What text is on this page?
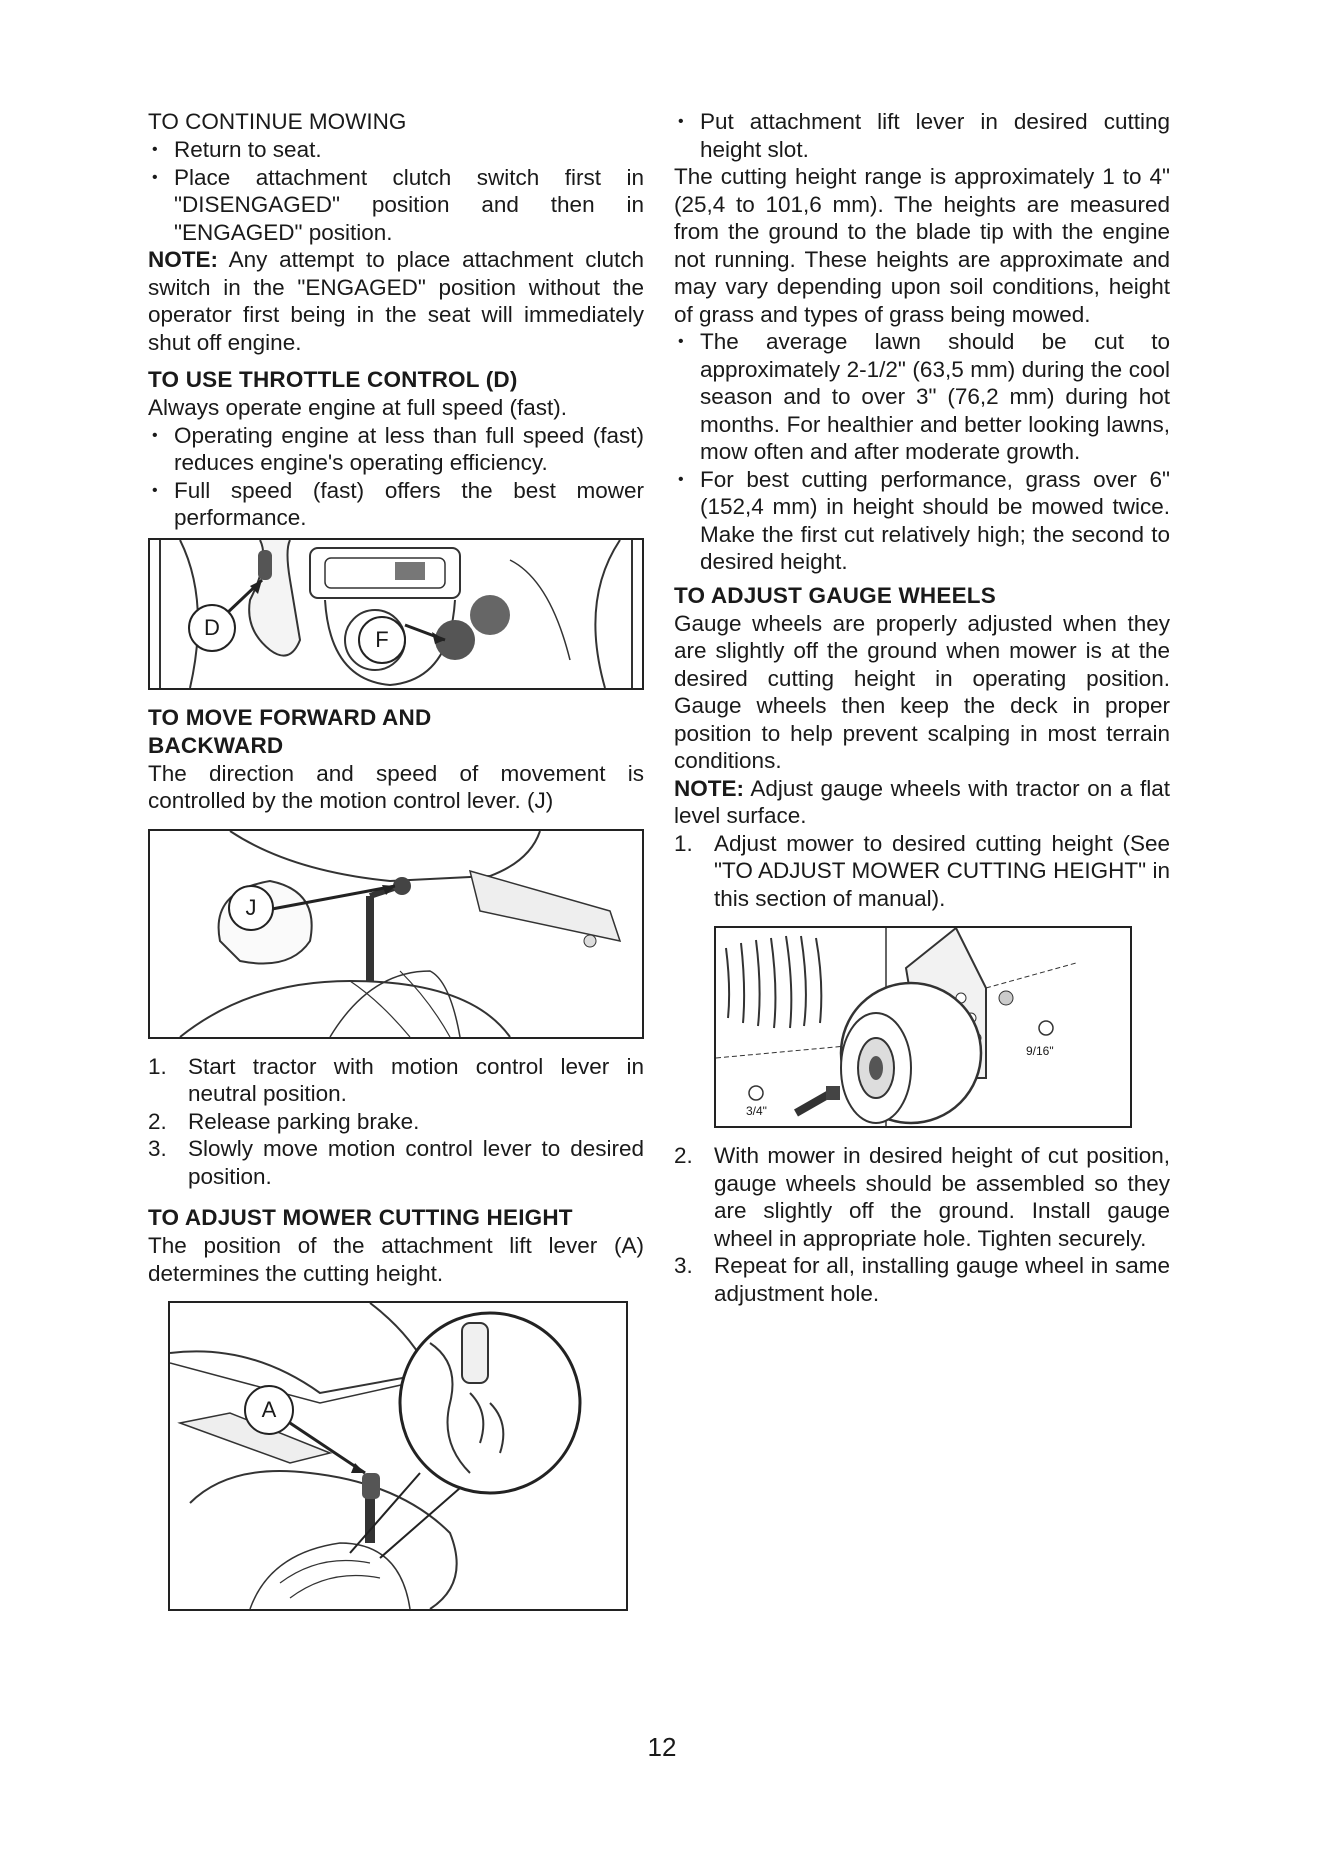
TO CONTINUE MOWING

• Return to seat.
• Place attachment clutch switch first in "DISENGAGED" position and then in "ENGAGED" position.

NOTE: Any attempt to place attachment clutch switch in the "ENGAGED" position without the operator first being in the seat will immediately shut off engine.

TO USE THROTTLE CONTROL (D)

Always operate engine at full speed (fast).

• Operating engine at less than full speed (fast) reduces engine's operating efficiency.
• Full speed (fast) offers the best mower performance.
D	F

TO MOVE FORWARD AND

BACKWARD

The direction and speed of movement is controlled by the motion control lever. (J)

J
1. Start tractor with motion control lever in neutral position.
2. Release parking brake.
3. Slowly move motion control lever to desired position.

TO ADJUST MOWER CUTTING HEIGHT

The position of the attachment lift lever (A) determines the cutting height.

A
• Put attachment lift lever in desired cutting height slot.

The cutting height range is approximately 1 to 4" (25,4 to 101,6 mm). The heights are measured from the ground to the blade tip with the engine not running. These heights are approximate and may vary depending upon soil conditions, height of grass and types of grass being mowed.

• The average lawn should be cut to approximately 2-1/2" (63,5 mm) during the cool season and to over 3" (76,2 mm) during hot months. For healthier and better looking lawns, mow often and after moderate growth.
• For best cutting performance, grass over 6" (152,4 mm) in height should be mowed twice. Make the first cut relatively high; the second to desired height.

TO ADJUST GAUGE WHEELS

Gauge wheels are properly adjusted when they are slightly off the ground when mower is at the desired cutting height in operating position. Gauge wheels then keep the deck in proper position to help prevent scalping in most terrain conditions.

NOTE: Adjust gauge wheels with tractor on a flat level surface.

1. Adjust mower to desired cutting height (See "TO ADJUST MOWER CUTTING HEIGHT" in this section of manual).
9/16"
3/4"
2. With mower in desired height of cut position, gauge wheels should be assembled so they are slightly off the ground. Install gauge wheel in appropriate hole. Tighten securely.
3. Repeat for all, installing gauge wheel in same adjustment hole.
12
